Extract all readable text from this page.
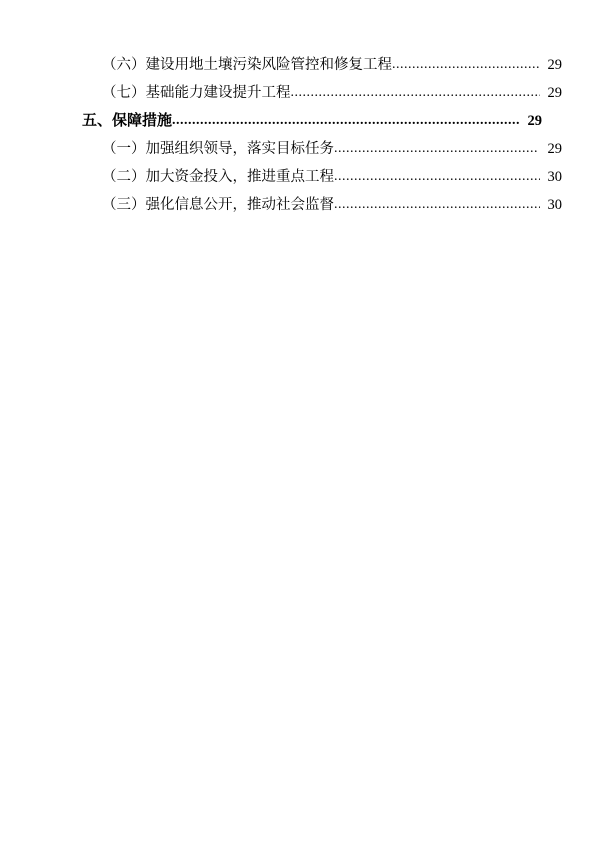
（六）建设用地土壤污染风险管控和修复工程 .....	29
（七）基础能力建设提升工程 .....	29
五、保障措施 .....	29
（一）加强组织领导，落实目标任务 .....	29
（二）加大资金投入，推进重点工程 .....	30
（三）强化信息公开，推动社会监督 .....	30
